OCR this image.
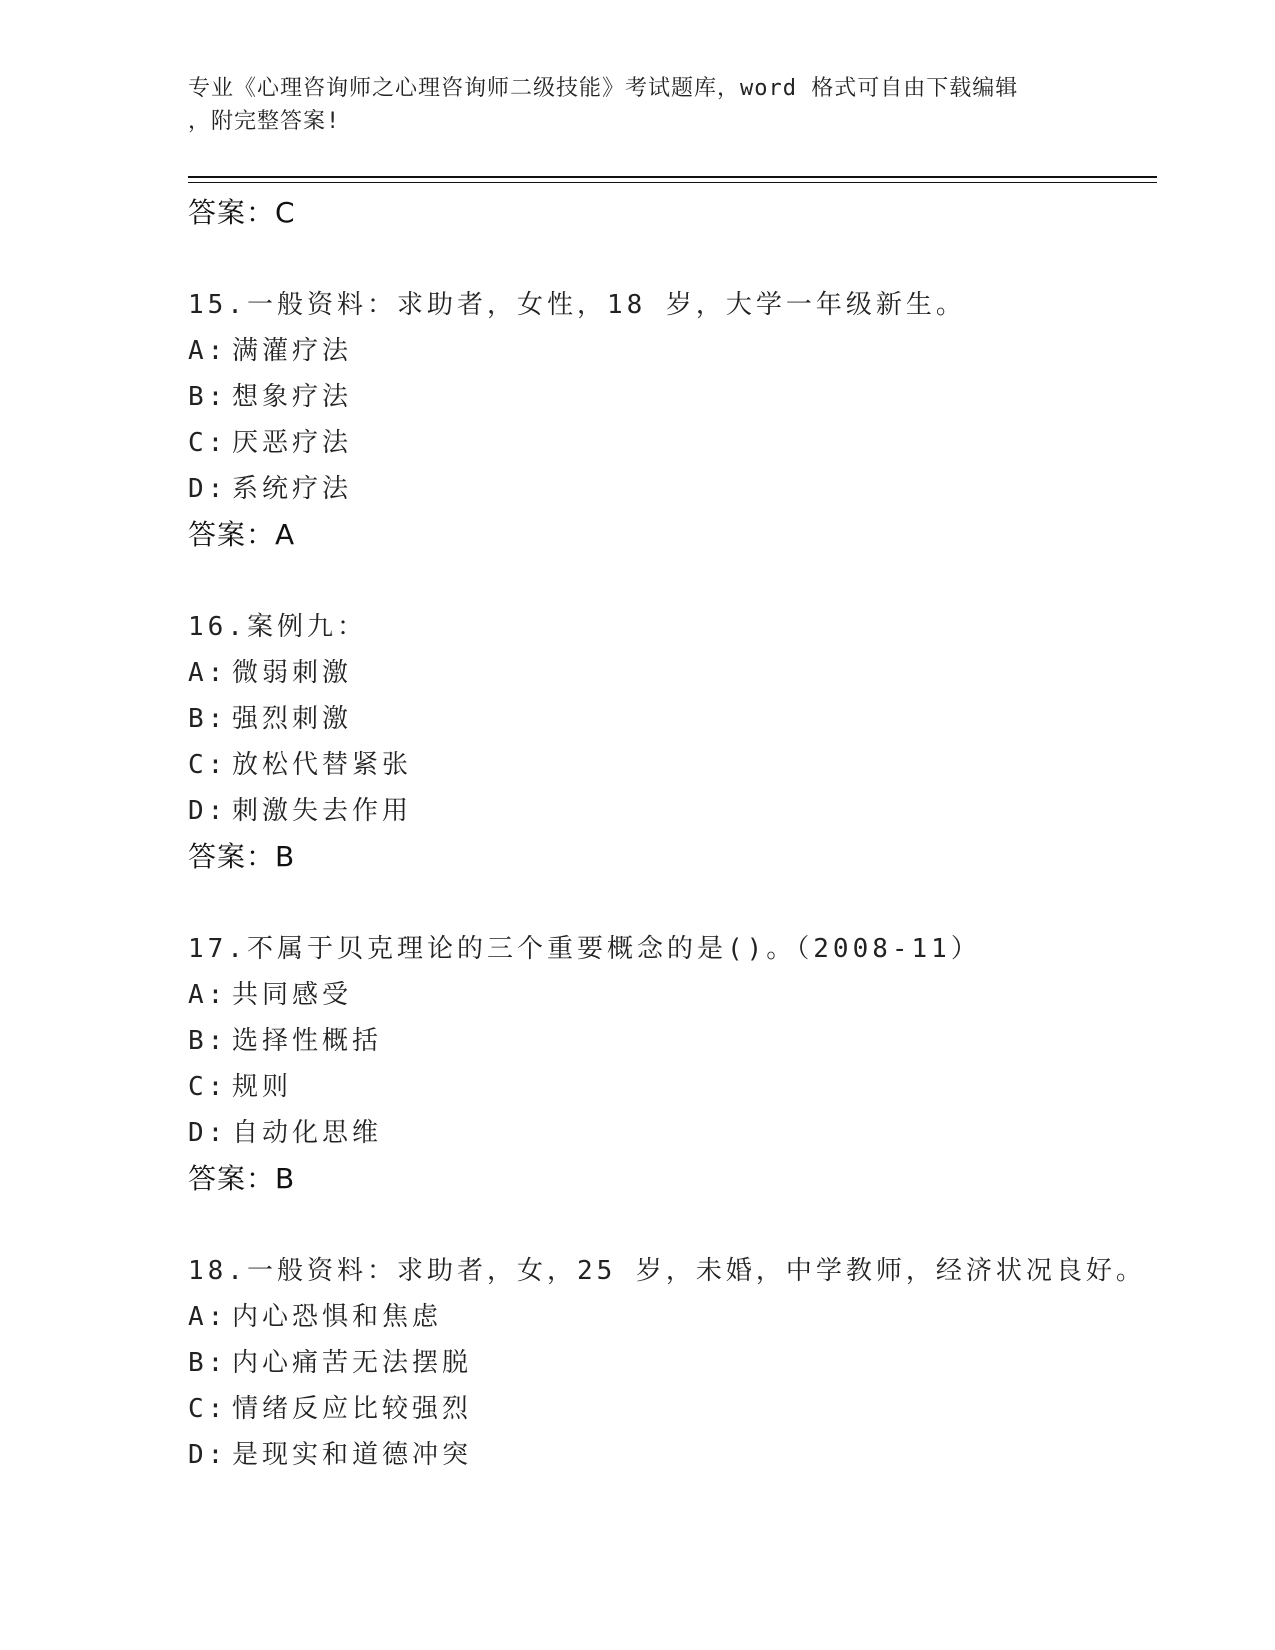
专业《心理咨询师之心理咨询师二级技能》考试题库，word 格式可自由下载编辑
，附完整答案!
答案：C
15.一般资料：求助者，女性，18 岁，大学一年级新生。
A: 满灌疗法
B: 想象疗法
C: 厌恶疗法
D: 系统疗法
答案：A
16.案例九：
A: 微弱刺激
B: 强烈刺激
C: 放松代替紧张
D: 刺激失去作用
答案：B
17.不属于贝克理论的三个重要概念的是()。（2008-11）
A: 共同感受
B: 选择性概括
C: 规则
D: 自动化思维
答案：B
18.一般资料：求助者，女，25 岁，未婚，中学教师，经济状况良好。
A: 内心恐惧和焦虑
B: 内心痛苦无法摆脱
C: 情绪反应比较强烈
D: 是现实和道德冲突
